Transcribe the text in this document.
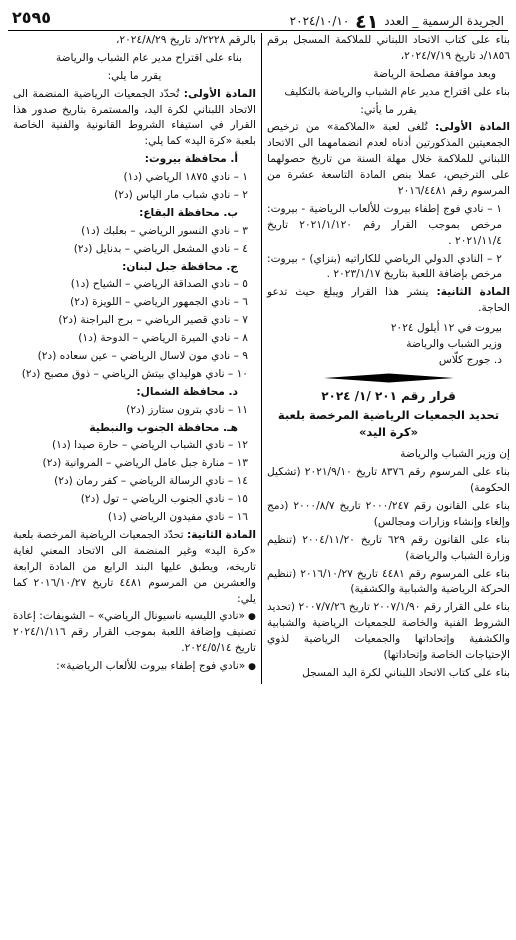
الجريدة الرسمية _ العدد ٤١ ٢٠٢٤/١٠/١٠
٢٥٩٥

بناء على كتاب الاتحاد اللبناني للملاكمة المسجل برقم ١٨٥٦/د تاريخ ٢٠٢٤/٧/١٩،

وبعد موافقة مصلحة الرياضة

بناء على اقتراح مدير عام الشباب والرياضة بالتكليف

يقرر ما يأتي:

المادة الأولى: تُلغى لعبة «الملاكمة» من ترخيص الجمعيتين المذكورتين أدناه لعدم انضمامهما الى الاتحاد اللبناني للملاكمة خلال مهلة السنة من تاريخ حصولهما على الترخيص، عملا بنص المادة التاسعة عشرة من المرسوم رقم ٢٠١٦/٤٤٨١

١ – نادي فوج إطفاء بيروت للألعاب الرياضية - بيروت: مرخص بموجب القرار رقم ٢٠٢١/١/١٢٠ تاريخ ٢٠٢١/١١/٤ .

٢ – النادي الدولي الرياضي للكاراتيه (بنزاي) - بيروت: مرخص بإضافة اللعبة بتاريخ ٢٠٢٣/١/١٧ .

المادة الثانية: ينشر هذا القرار ويبلغ حيث تدعو الحاجة.

بيروت في ١٢ أيلول ٢٠٢٤

وزير الشباب والرياضة

د. جورج كلّاس

قرار رقم ٢٠١ /١/ ٢٠٢٤
تحديد الجمعيات الرياضية المرخصة بلعبة
«كرة اليد»

إن وزير الشباب والرياضة

بناء على المرسوم رقم ٨٣٧٦ تاريخ ٢٠٢١/٩/١٠ (تشكيل الحكومة)

بناء على القانون رقم ٢٠٠٠/٢٤٧ تاريخ ٢٠٠٠/٨/٧ (دمج وإلغاء وإنشاء وزارات ومجالس)

بناء على القانون رقم ٦٢٩ تاريخ ٢٠٠٤/١١/٢٠ (تنظيم وزارة الشباب والرياضة)

بناء على المرسوم رقم ٤٤٨١ تاريخ ٢٠١٦/١٠/٢٧ (تنظيم الحركة الرياضية والشبابية والكشفية)

بناء على القرار رقم ٢٠٠٧/١/٩٠ تاريخ ٢٠٠٧/٧/٢٦ (تحديد الشروط الفنية والخاصة للجمعيات الرياضية والشبابية والكشفية وإتحاداتها والجمعيات الرياضية لذوي الإحتياجات الخاصة وإتحاداتها)

بناء على كتاب الاتحاد اللبناني لكرة اليد المسجل

بالرقم ٢٢٢٨/د تاريخ ٢٠٢٤/٨/٢٩،

بناء على اقتراح مدير عام الشباب والرياضة

يقرر ما يلي:

المادة الأولى: تُحدّد الجمعيات الرياضية المنضمة الى الاتحاد اللبناني لكرة اليد، والمستمرة بتاريخ صدور هذا القرار في استيفاء الشروط القانونية والفنية الخاصة بلعبة «كرة اليد» كما يلي:

أ. محافظة بيروت:

١ – نادي ١٨٧٥ الرياضي (د١)

٢ – نادي شباب مار الياس (د٢)

ب. محافظة البقاع:

٣ – نادي النسور الرياضي – بعلبك (د١)

٤ – نادي المشعل الرياضي – بدنايل (د٢)

ج. محافظة جبل لبنان:

٥ – نادي الصداقة الرياضي – الشياح (د١)

٦ – نادي الجمهور الرياضي – اللويزة (د٢)

٧ – نادي قصير الرياضي – برج البراجنة (د٢)

٨ – نادي الميرة الرياضي – الدوحة (د١)

٩ – نادي مون لاسال الرياضي – عين سعاده (د٢)

١٠ – نادي هوليداي بيتش الرياضي – ذوق مصبح (د٢)

د. محافظة الشمال:

١١ – نادي بترون ستارز (د٢)

هـ. محافظة الجنوب والنبطية

١٢ – نادي الشباب الرياضي – حارة صيدا (د١)

١٣ – منارة جبل عامل الرياضي – المروانية (د٢)

١٤ – نادي الرسالة الرياضي – كفر رمان (د٢)

١٥ – نادي الجنوب الرياضي – تول (د٢)

١٦ – نادي مفيدون الرياضي (د١)

المادة الثانية: تحدّد الجمعيات الرياضية المرخصة بلعبة «كرة اليد» وغير المنضمة الى الاتحاد المعني لغاية تاريخه، ويطبق عليها البند الرابع من المادة الرابعة والعشرين من المرسوم ٤٤٨١ تاريخ ٢٠١٦/١٠/٢٧ كما يلي:

● «نادي الليسيه ناسيونال الرياضي» – الشويفات: إعادة تصنيف وإضافة اللعبة بموجب القرار رقم ٢٠٢٤/١/١١٦ تاريخ ٢٠٢٤/٥/١٤.

● «نادي فوج إطفاء بيروت للألعاب الرياضية»:
